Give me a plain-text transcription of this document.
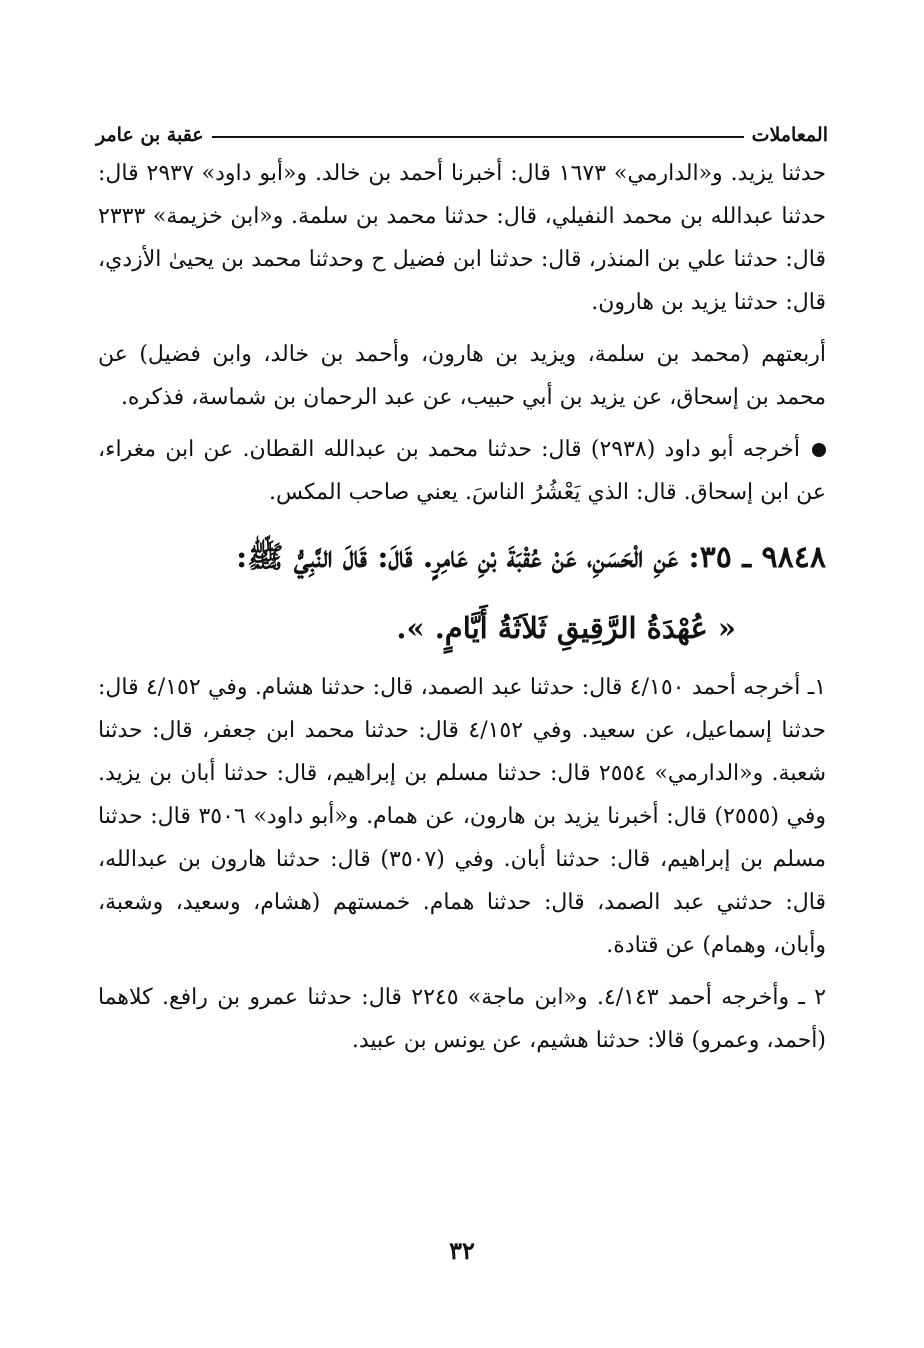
المعاملات
عقبة بن عامر

حدثنا يزيد. و«الدارمي» ١٦٧٣ قال: أخبرنا أحمد بن خالد. و«أبو داود» ٢٩٣٧ قال: حدثنا عبدالله بن محمد النفيلي، قال: حدثنا محمد بن سلمة. و«ابن خزيمة» ٢٣٣٣ قال: حدثنا علي بن المنذر، قال: حدثنا ابن فضيل ح وحدثنا محمد بن يحيىٰ الأزدي، قال: حدثنا يزيد بن هارون.

أربعتهم (محمد بن سلمة، ويزيد بن هارون، وأحمد بن خالد، وابن فضيل) عن محمد بن إسحاق، عن يزيد بن أبي حبيب، عن عبد الرحمان بن شماسة، فذكره.

أخرجه أبو داود (٢٩٣٨) قال: حدثنا محمد بن عبدالله القطان. عن ابن مغراء، عن ابن إسحاق. قال: الذي يَعْشُرُ الناسَ. يعني صاحب المكس.

٩٨٤٨ ـ ٣٥: عَنِ الْحَسَنِ، عَنْ عُقْبَةَ بْنِ عَامِرٍ. قَالَ: قَالَ النَّبِيُّ ﷺ:
« عُهْدَةُ الرَّقِيقِ ثَلاَثَةُ أَيَّامٍ. ».

١ـ أخرجه أحمد ٤/١٥٠ قال: حدثنا عبد الصمد، قال: حدثنا هشام. وفي ٤/١٥٢ قال: حدثنا إسماعيل، عن سعيد. وفي ٤/١٥٢ قال: حدثنا محمد ابن جعفر، قال: حدثنا شعبة. و«الدارمي» ٢٥٥٤ قال: حدثنا مسلم بن إبراهيم، قال: حدثنا أبان بن يزيد. وفي (٢٥٥٥) قال: أخبرنا يزيد بن هارون، عن همام. و«أبو داود» ٣٥٠٦ قال: حدثنا مسلم بن إبراهيم، قال: حدثنا أبان. وفي (٣٥٠٧) قال: حدثنا هارون بن عبدالله، قال: حدثني عبد الصمد، قال: حدثنا همام. خمستهم (هشام، وسعيد، وشعبة، وأبان، وهمام) عن قتادة.

٢ ـ وأخرجه أحمد ٤/١٤٣. و«ابن ماجة» ٢٢٤٥ قال: حدثنا عمرو بن رافع. كلاهما (أحمد، وعمرو) قالا: حدثنا هشيم، عن يونس بن عبيد.

٣٢
